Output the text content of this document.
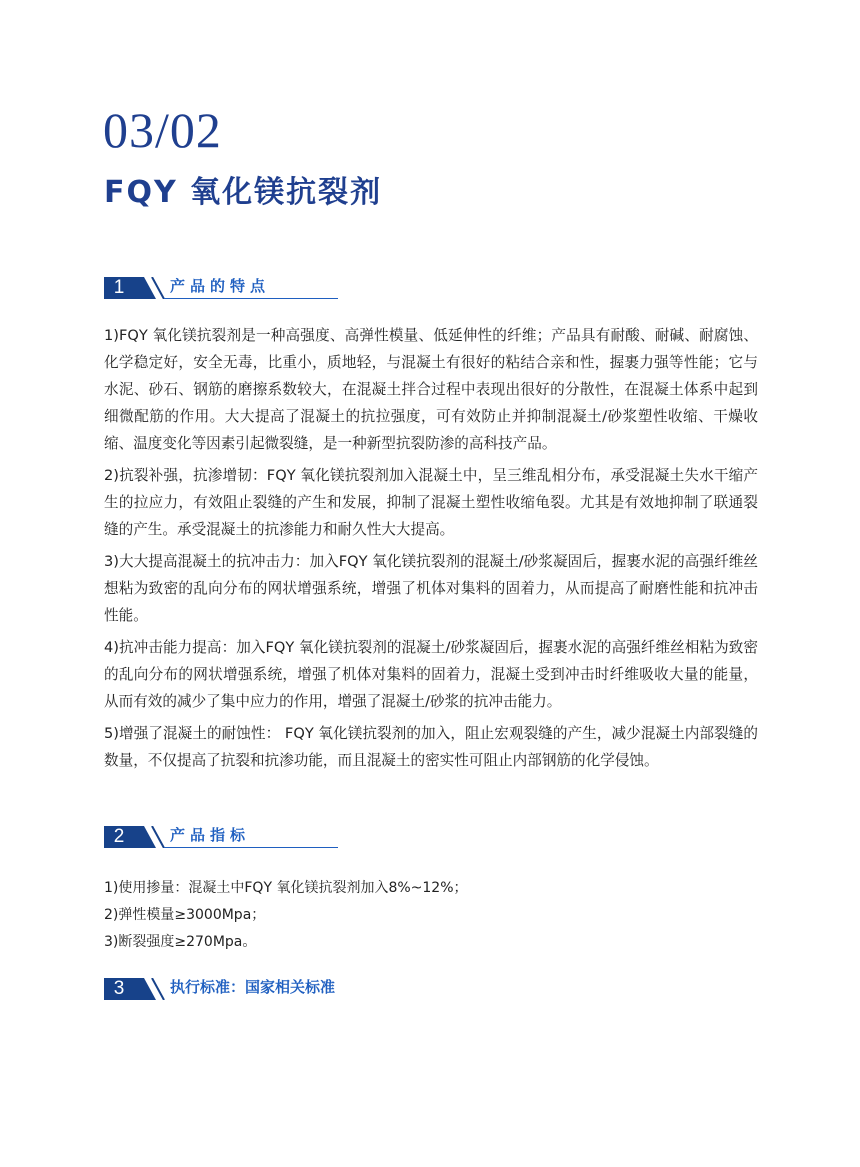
03/02
FQY 氧化镁抗裂剂
1	产品的特点

1)FQY 氧化镁抗裂剂是一种高强度、高弹性模量、低延伸性的纤维；产品具有耐酸、耐碱、耐腐蚀、化学稳定好，安全无毒，比重小，质地轻，与混凝土有很好的粘结合亲和性，握裹力强等性能；它与水泥、砂石、钢筋的磨擦系数较大，在混凝土拌合过程中表现出很好的分散性，在混凝土体系中起到细微配筋的作用。大大提高了混凝土的抗拉强度，可有效防止并抑制混凝土/砂浆塑性收缩、干燥收缩、温度变化等因素引起微裂缝，是一种新型抗裂防渗的高科技产品。

2)抗裂补强，抗渗增韧：FQY 氧化镁抗裂剂加入混凝土中，呈三维乱相分布，承受混凝土失水干缩产生的拉应力，有效阻止裂缝的产生和发展，抑制了混凝土塑性收缩龟裂。尤其是有效地抑制了联通裂缝的产生。承受混凝土的抗渗能力和耐久性大大提高。

3)大大提高混凝土的抗冲击力：加入FQY 氧化镁抗裂剂的混凝土/砂浆凝固后，握裹水泥的高强纤维丝想粘为致密的乱向分布的网状增强系统，增强了机体对集料的固着力，从而提高了耐磨性能和抗冲击性能。

4)抗冲击能力提高：加入FQY 氧化镁抗裂剂的混凝土/砂浆凝固后，握裹水泥的高强纤维丝相粘为致密的乱向分布的网状增强系统，增强了机体对集料的固着力，混凝土受到冲击时纤维吸收大量的能量，从而有效的减少了集中应力的作用，增强了混凝土/砂浆的抗冲击能力。

5)增强了混凝土的耐蚀性： FQY 氧化镁抗裂剂的加入，阻止宏观裂缝的产生，减少混凝土内部裂缝的数量，不仅提高了抗裂和抗渗功能，而且混凝土的密实性可阻止内部钢筋的化学侵蚀。

2	产品指标

1)使用掺量：混凝土中FQY 氧化镁抗裂剂加入8%~12%；

2)弹性模量≥3000Mpa；

3)断裂强度≥270Mpa。

3	执行标准：国家相关标准
